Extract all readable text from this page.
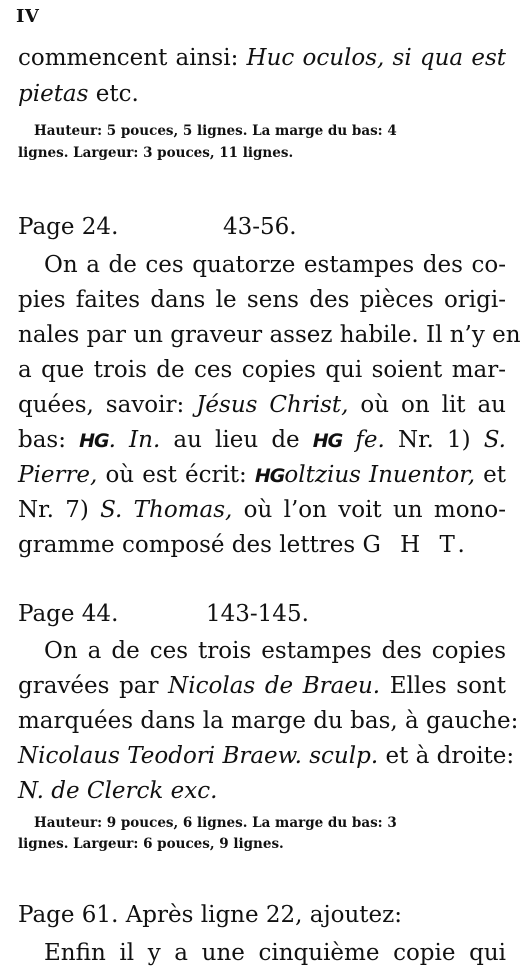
IV
commencent ainsi: Huc oculos, si qua est
pietas etc.
Hauteur: 5 pouces, 5 lignes. La marge du bas: 4
lignes. Largeur: 3 pouces, 11 lignes.
Page 24.	43-56.
On a de ces quatorze estampes des co-
pies faites dans le sens des pièces origi-
nales par un graveur assez habile. Il n’y en
a que trois de ces copies qui soient mar-
quées, savoir: Jésus Christ, où on lit au
bas: HG. In. au lieu de HG fe. Nr. 1) S.
Pierre, où est écrit: HGoltzius Inuentor, et
Nr. 7) S. Thomas, où l’on voit un mono-
gramme composé des lettres G H T.
Page 44.	143-145.
On a de ces trois estampes des copies
gravées par Nicolas de Braeu. Elles sont
marquées dans la marge du bas, à gauche:
Nicolaus Teodori Braew. sculp. et à droite:
N. de Clerck exc.
Hauteur: 9 pouces, 6 lignes. La marge du bas: 3
lignes. Largeur: 6 pouces, 9 lignes.
Page 61. Après ligne 22, ajoutez:
Enfin il y a une cinquième copie qui
